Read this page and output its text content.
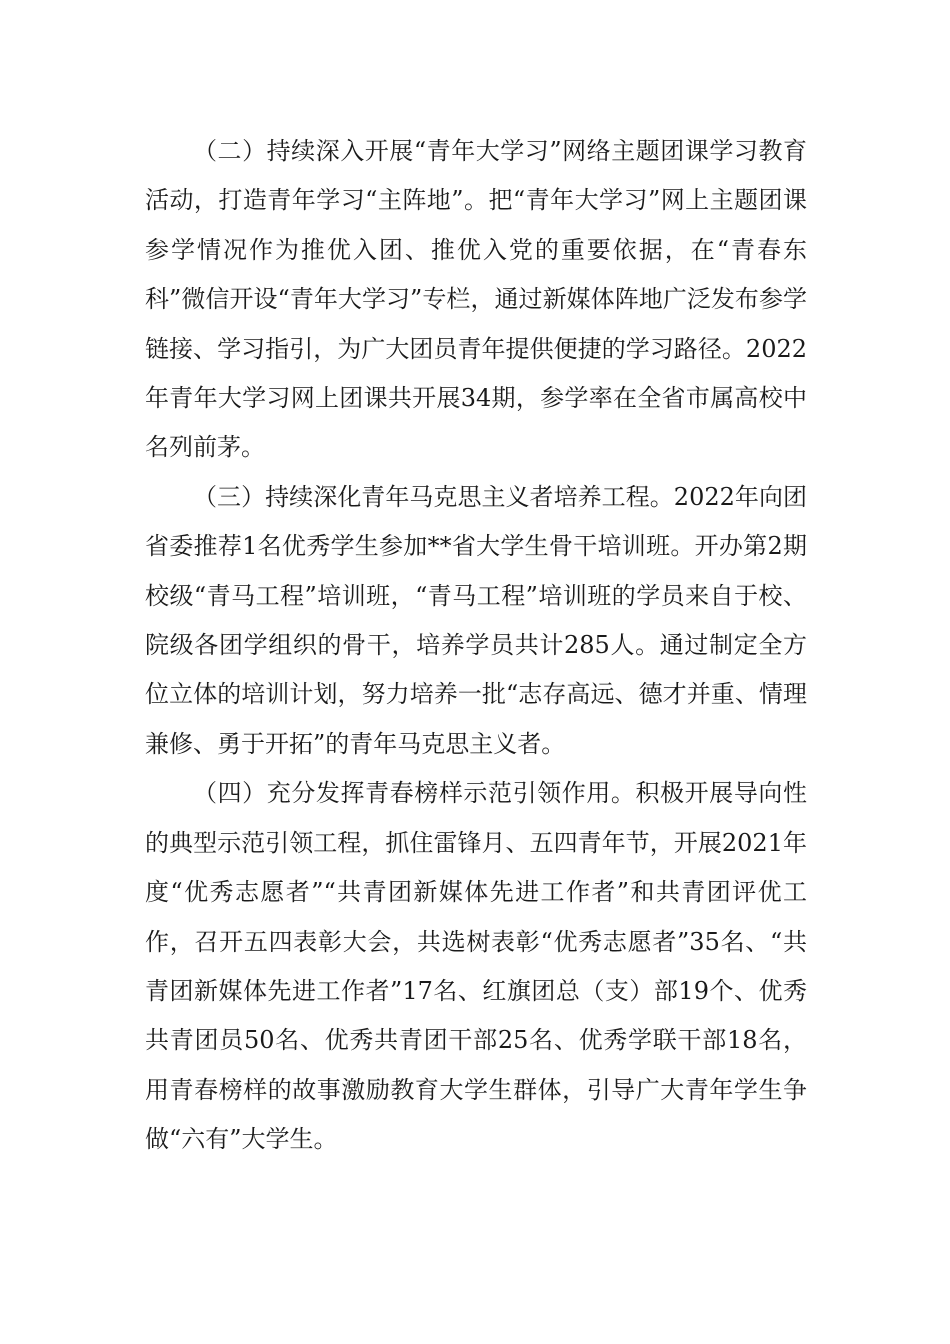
（二）持续深入开展“青年大学习”网络主题团课学习教育活动，打造青年学习“主阵地”。把“青年大学习”网上主题团课参学情况作为推优入团、推优入党的重要依据，在“青春东科”微信开设“青年大学习”专栏，通过新媒体阵地广泛发布参学链接、学习指引，为广大团员青年提供便捷的学习路径。2022年青年大学习网上团课共开展34期，参学率在全省市属高校中名列前茅。

（三）持续深化青年马克思主义者培养工程。2022年向团省委推荐1名优秀学生参加**省大学生骨干培训班。开办第2期校级“青马工程”培训班，“青马工程”培训班的学员来自于校、院级各团学组织的骨干，培养学员共计285人。通过制定全方位立体的培训计划，努力培养一批“志存高远、德才并重、情理兼修、勇于开拓”的青年马克思主义者。

（四）充分发挥青春榜样示范引领作用。积极开展导向性的典型示范引领工程，抓住雷锋月、五四青年节，开展2021年度“优秀志愿者”“共青团新媒体先进工作者”和共青团评优工作，召开五四表彰大会，共选树表彰“优秀志愿者”35名、“共青团新媒体先进工作者”17名、红旗团总（支）部19个、优秀共青团员50名、优秀共青团干部25名、优秀学联干部18名，用青春榜样的故事激励教育大学生群体，引导广大青年学生争做“六有”大学生。
